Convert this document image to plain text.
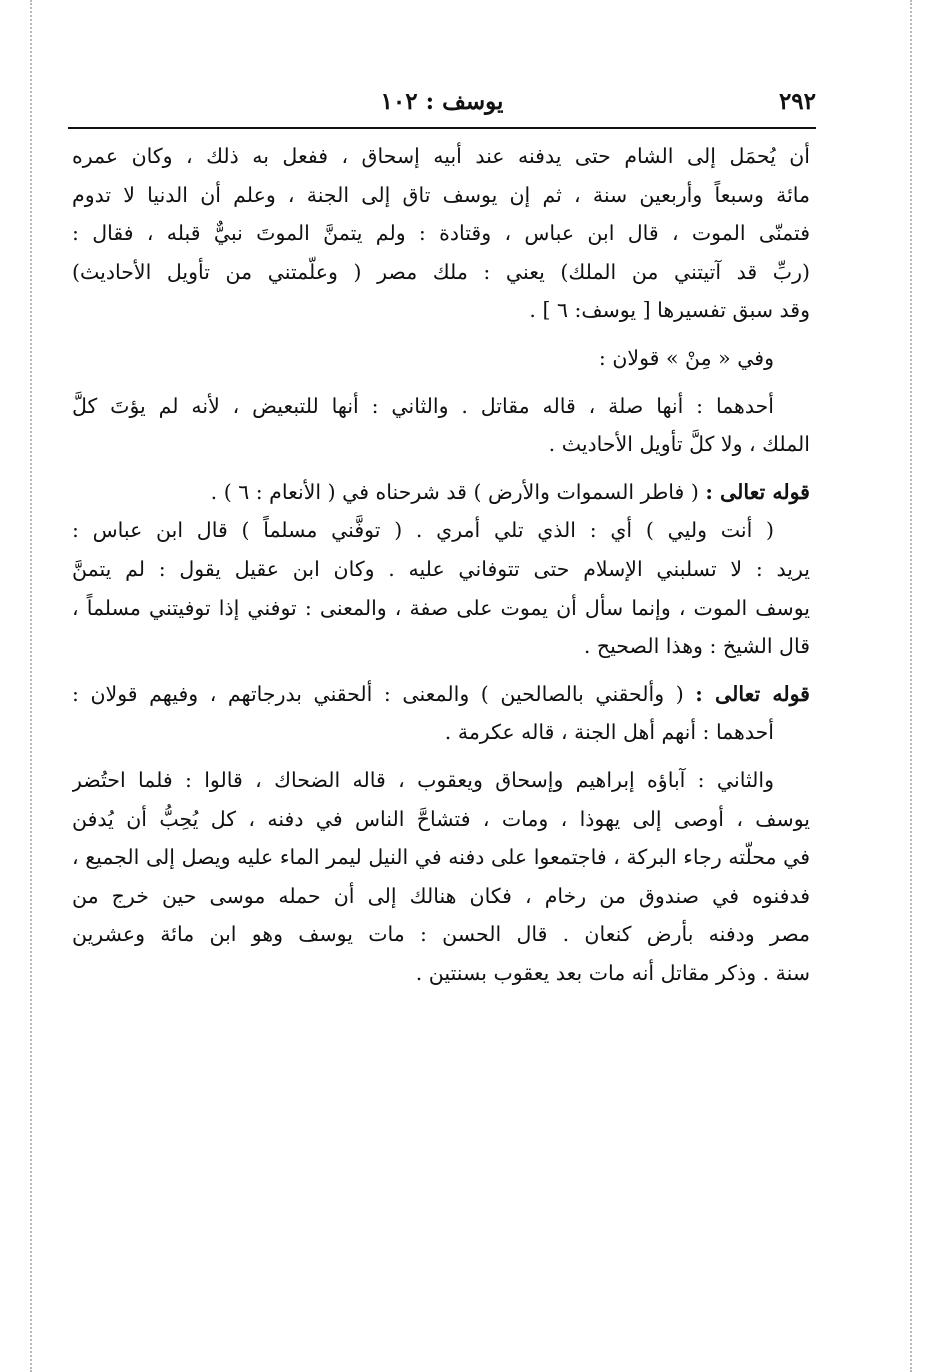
٢٩٢
يوسف : ١٠٢
أن يُحمَل إلى الشام حتى يدفنه عند أبيه إسحاق ، ففعل به ذلك ، وكان عمره
مائة وسبعاً وأربعين سنة ، ثم إن يوسف تاق إلى الجنة ، وعلم أن الدنيا لا تدوم
فتمنّى الموت ، قال ابن عباس ، وقتادة : ولم يتمنَّ الموتَ نبيٌّ قبله ، فقال :
(ربِّ قد آتيتني من الملك) يعني : ملك مصر ( وعلّمتني من تأويل الأحاديث)
وقد سبق تفسيرها [ يوسف: ٦ ] .
وفي « مِنْ » قولان :
أحدهما : أنها صلة ، قاله مقاتل . والثاني : أنها للتبعيض ، لأنه لم يؤتَ كلَّ
الملك ، ولا كلَّ تأويل الأحاديث .
قوله تعالى : ( فاطر السموات والأرض ) قد شرحناه في ( الأنعام : ٦ ) .
( أنت وليي ) أي : الذي تلي أمري . ( توفَّني مسلماً ) قال ابن عباس :
يريد : لا تسلبني الإسلام حتى تتوفاني عليه . وكان ابن عقيل يقول : لم يتمنَّ
يوسف الموت ، وإنما سأل أن يموت على صفة ، والمعنى : توفني إذا توفيتني مسلماً ،
قال الشيخ : وهذا الصحيح .
قوله تعالى : ( وألحقني بالصالحين ) والمعنى : ألحقني بدرجاتهم ، وفيهم قولان :
أحدهما : أنهم أهل الجنة ، قاله عكرمة .
والثاني : آباؤه إبراهيم وإسحاق ويعقوب ، قاله الضحاك ، قالوا : فلما احتُضر
يوسف ، أوصى إلى يهوذا ، ومات ، فتشاحَّ الناس في دفنه ، كل يُحِبُّ أن يُدفن
في محلّته رجاء البركة ، فاجتمعوا على دفنه في النيل ليمر الماء عليه ويصل إلى الجميع ،
فدفنوه في صندوق من رخام ، فكان هنالك إلى أن حمله موسى حين خرج من
مصر ودفنه بأرض كنعان . قال الحسن : مات يوسف وهو ابن مائة وعشرين
سنة . وذكر مقاتل أنه مات بعد يعقوب بسنتين .
